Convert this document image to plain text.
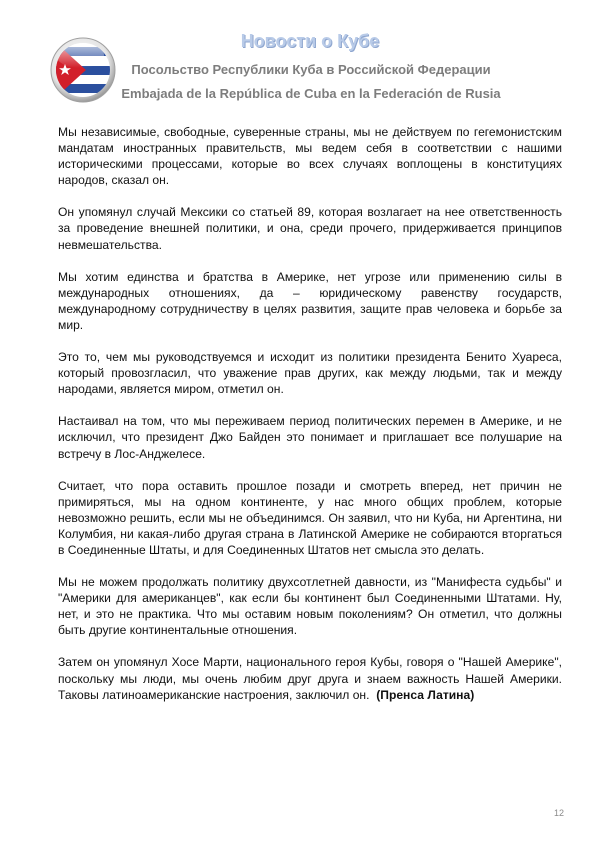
Новости о Кубе
Посольство Республики Куба в Российской Федерации
Embajada de la República de Cuba en la Federación de Rusia

Мы независимые, свободные, суверенные страны, мы не действуем по гегемонистским мандатам иностранных правительств, мы ведем себя в соответствии с нашими историческими процессами, которые во всех случаях воплощены в конституциях народов, сказал он.

Он упомянул случай Мексики со статьей 89, которая возлагает на нее ответственность за проведение внешней политики, и она, среди прочего, придерживается принципов невмешательства.

Мы хотим единства и братства в Америке, нет угрозе или применению силы в международных отношениях, да – юридическому равенству государств, международному сотрудничеству в целях развития, защите прав человека и борьбе за мир.

Это то, чем мы руководствуемся и исходит из политики президента Бенито Хуареса, который провозгласил, что уважение прав других, как между людьми, так и между народами, является миром, отметил он.

Настаивал на том, что мы переживаем период политических перемен в Америке, и не исключил, что президент Джо Байден это понимает и приглашает все полушарие на встречу в Лос-Анджелесе.

Считает, что пора оставить прошлое позади и смотреть вперед, нет причин не примиряться, мы на одном континенте, у нас много общих проблем, которые невозможно решить, если мы не объединимся. Он заявил, что ни Куба, ни Аргентина, ни Колумбия, ни какая-либо другая страна в Латинской Америке не собираются вторгаться в Соединенные Штаты, и для Соединенных Штатов нет смысла это делать.

Мы не можем продолжать политику двухсотлетней давности, из "Манифеста судьбы" и "Америки для американцев", как если бы континент был Соединенными Штатами. Ну, нет, и это не практика. Что мы оставим новым поколениям? Он отметил, что должны быть другие континентальные отношения.

Затем он упомянул Хосе Марти, национального героя Кубы, говоря о "Нашей Америке", поскольку мы люди, мы очень любим друг друга и знаем важность Нашей Америки. Таковы латиноамериканские настроения, заключил он. (Пренса Латина)

12
